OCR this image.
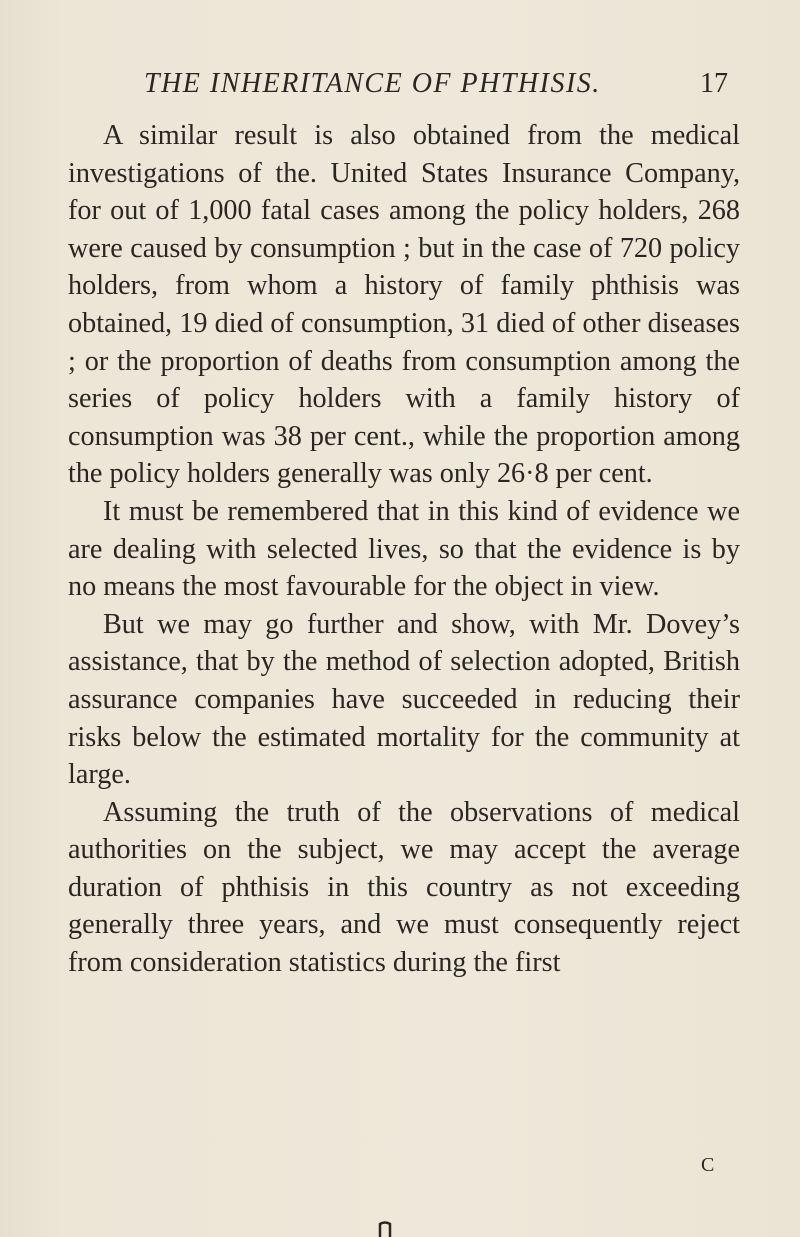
THE INHERITANCE OF PHTHISIS.	17

A similar result is also obtained from the medical investigations of the. United States Insurance Company, for out of 1,000 fatal cases among the policy holders, 268 were caused by consumption ; but in the case of 720 policy holders, from whom a history of family phthisis was obtained, 19 died of consumption, 31 died of other diseases ; or the proportion of deaths from consumption among the series of policy holders with a family history of consumption was 38 per cent., while the proportion among the policy holders generally was only 26·8 per cent.

It must be remembered that in this kind of evidence we are dealing with selected lives, so that the evidence is by no means the most favourable for the object in view.

But we may go further and show, with Mr. Dovey’s assistance, that by the method of selection adopted, British assurance companies have succeeded in reducing their risks below the estimated mortality for the community at large.

Assuming the truth of the observations of medical authorities on the subject, we may accept the average duration of phthisis in this country as not exceeding generally three years, and we must consequently reject from consideration statistics during the first

C
